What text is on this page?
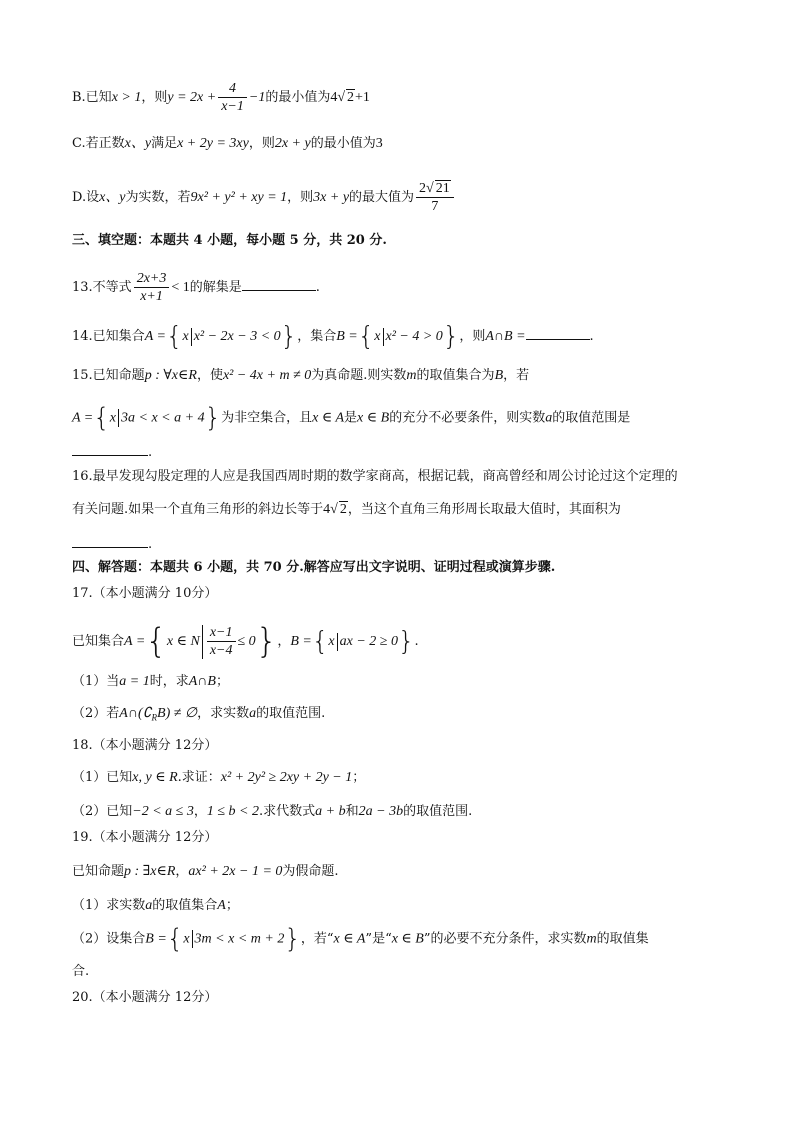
B.已知x > 1，则$y = 2x + \frac{4}{x-1} -1$的最小值为4√ 2+1
C.若正数x、y满足x + 2y = 3xy，则2x + y的最小值为3
D.设x、y为实数，若9x² + y² + xy = 1，则3x + y的最大值为 $\frac{2√ 21}{7}$
三、填空题：本题共 4 小题，每小题 5 分，共 20 分.
13.不等式 $\frac{2x+3}{x+1} < 1$的解集是	.
14.已知集合A ={x x² − 2x − 3 < 0}，集合B ={x x² − 4 > 0}，则A∩B =	.
15.已知命题p : ∀x∈R，使x² − 4x + m ≠ 0为真命题.则实数m的取值集合为B，若
A ={x 3a < x < a + 4}为非空集合，且x ∈ A是x ∈ B的充分不必要条件，则实数a的取值范围是
.
16.最早发现勾股定理的人应是我国西周时期的数学家商高，根据记载，商高曾经和周公讨论过这个定理的
有关问题.如果一个直角三角形的斜边长等于4√ 2，当这个直角三角形周长取最大值时，其面积为
.
四、解答题：本题共 6 小题，共 70 分.解答应写出文字说明、证明过程或演算步骤.
17.（本小题满分 10分）
已知集合A ={x ∈ N $\frac{x-1}{x-4} \le 0$}，B ={x ax − 2 ≥ 0}.
（1）当a = 1时，求A∩B；
（2）若$A\cap(∁_RB)$ ≠ ∅，求实数a的取值范围.
18.（本小题满分 12分）
（1）已知x, y ∈ R.求证：x² + 2y² ≥ 2xy + 2y − 1；
（2）已知−2 < a ≤ 3，1 ≤ b < 2.求代数式a + b和2a − 3b的取值范围.
19.（本小题满分 12分）
已知命题p : ∃x∈R，ax² + 2x − 1 = 0为假命题.
（1）求实数a的取值集合A；
（2）设集合B ={x 3m < x < m + 2}，若“x ∈ A”是“x ∈ B”的必要不充分条件，求实数m的取值集
合.
20.（本小题满分 12分）
